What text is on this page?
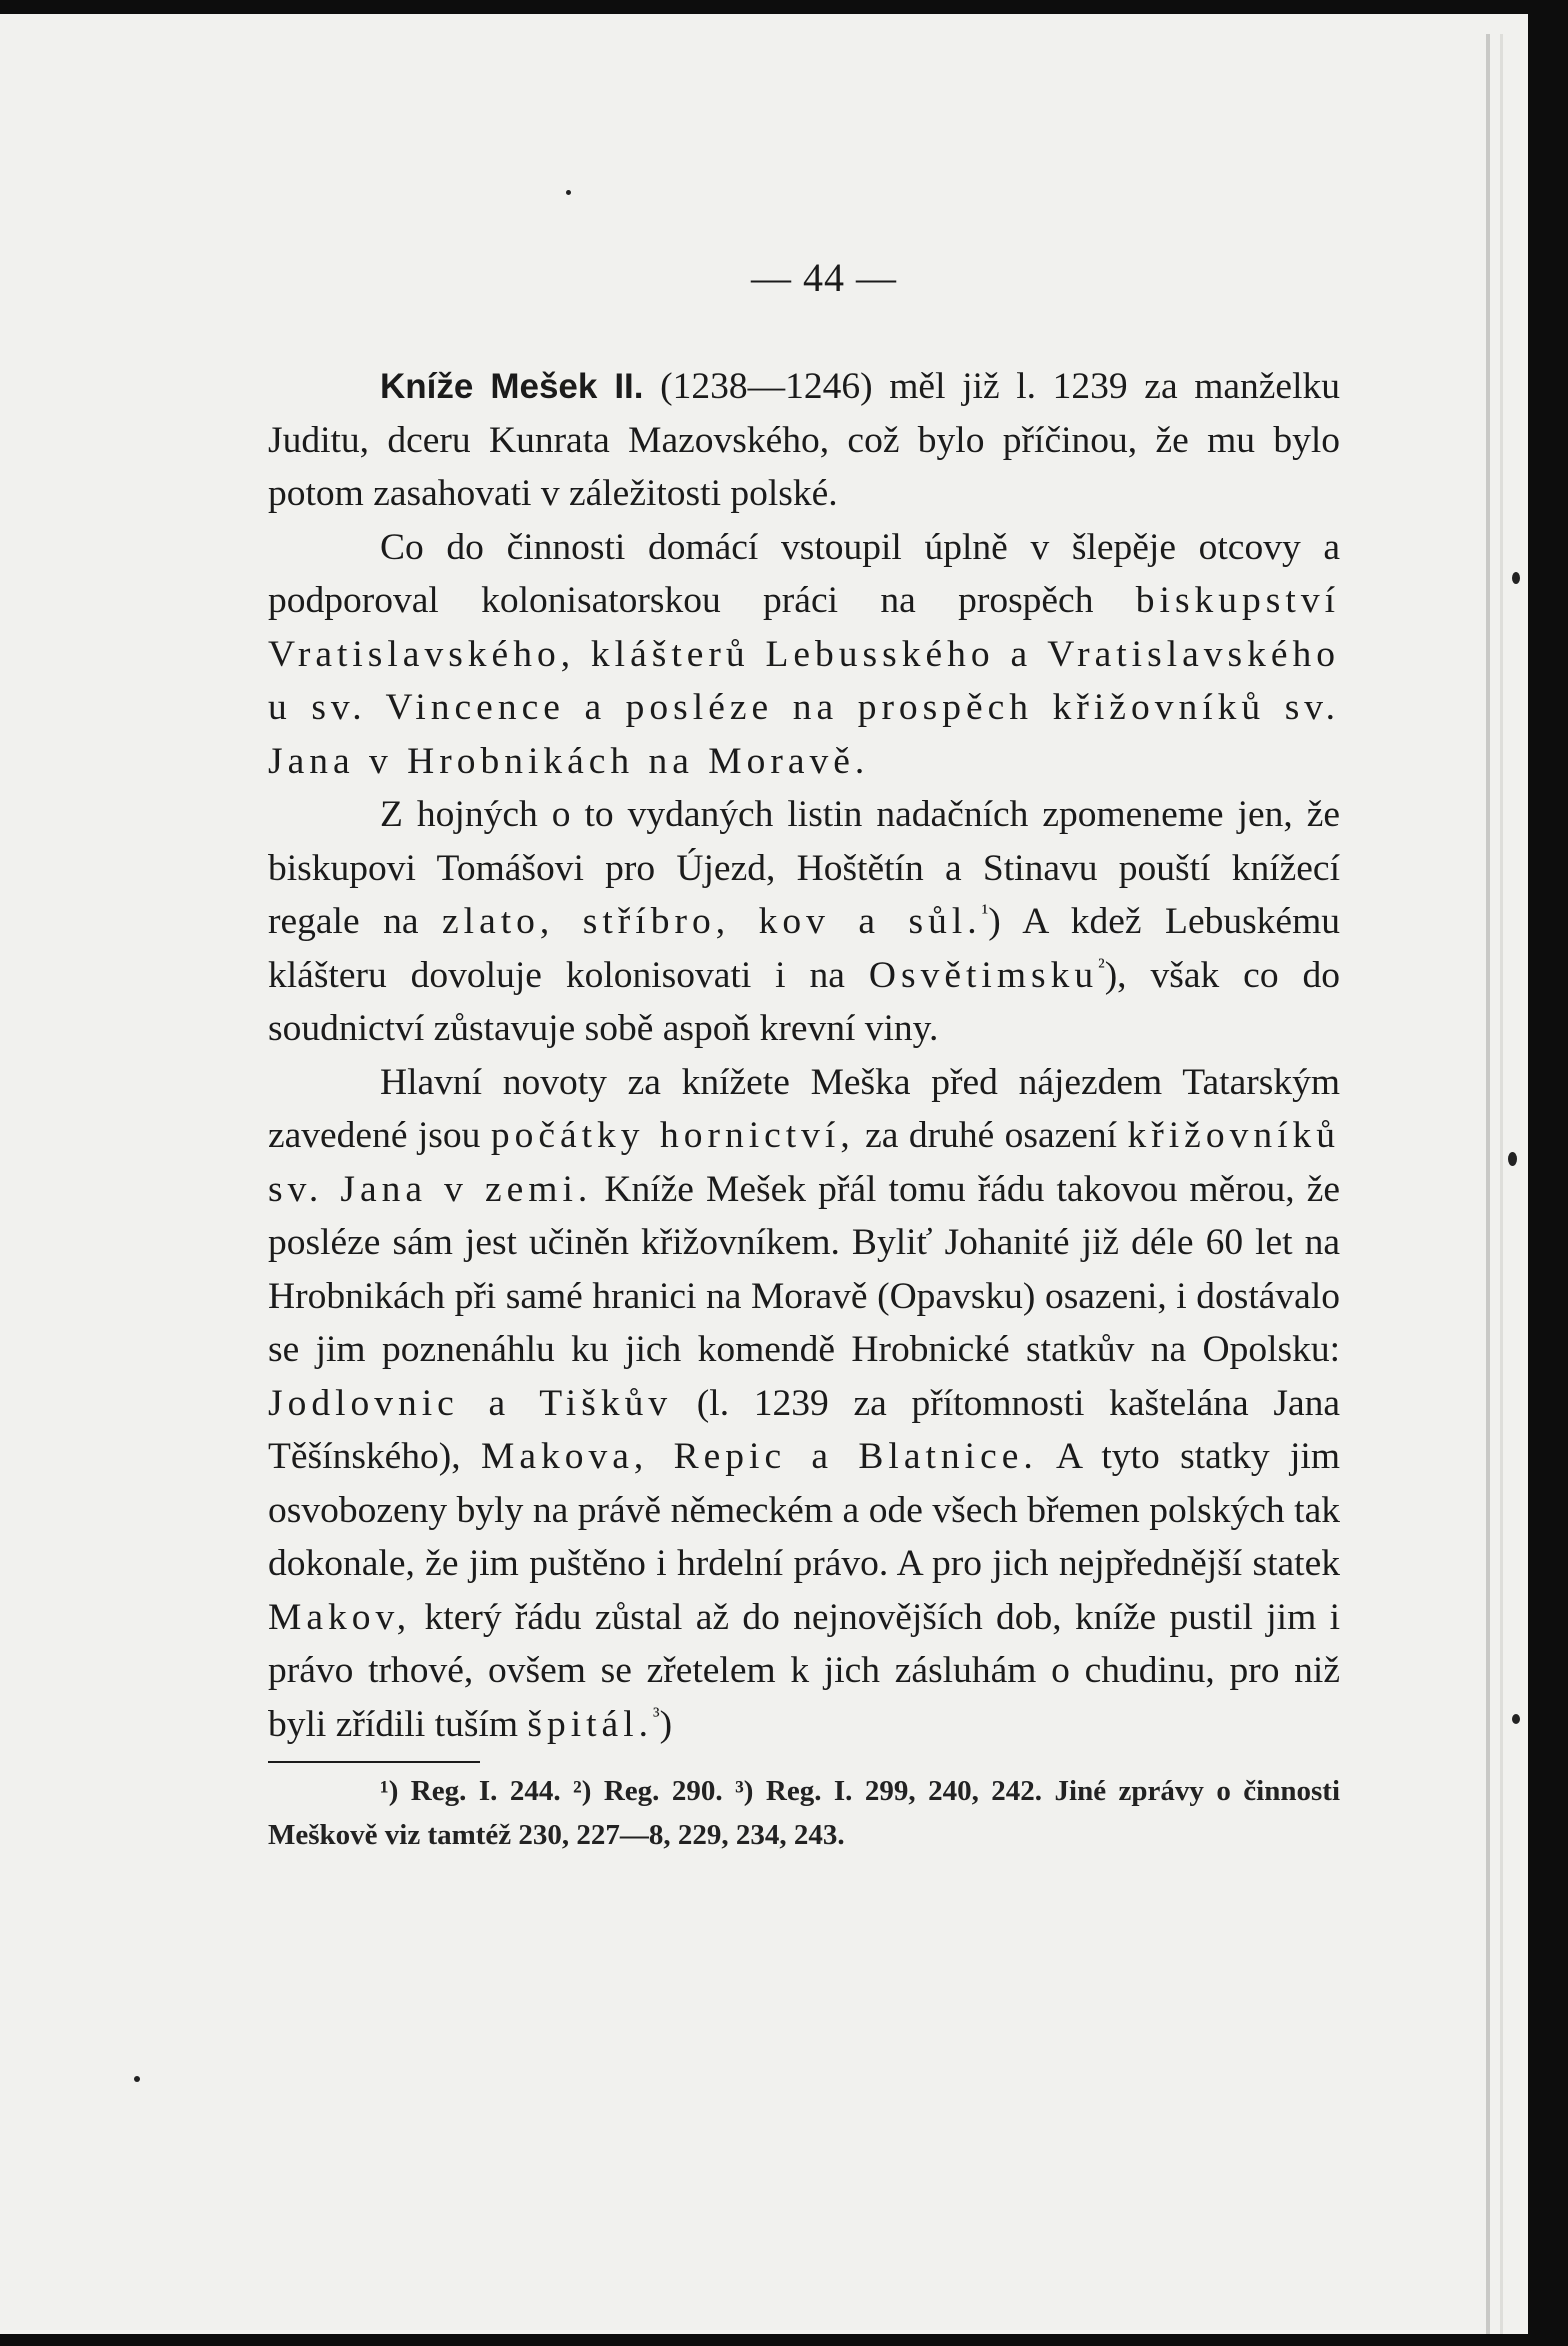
— 44 —

Kníže Mešek II. (1238—1246) měl již l. 1239 za manželku Juditu, dceru Kunrata Mazovského, což bylo příčinou, že mu bylo potom zasahovati v záležitosti polské.

Co do činnosti domácí vstoupil úplně v šlepěje otcovy a podporoval kolonisatorskou práci na prospěch biskupství Vratislavského, klášterů Lebusského a Vratislavského u sv. Vincence a posléze na prospěch křižovníků sv. Jana v Hrobnikách na Moravě.

Z hojných o to vydaných listin nadačních zpomeneme jen, že biskupovi Tomášovi pro Újezd, Hoštětín a Stinavu pouští knížecí regale na zlato, stříbro, kov a sůl.$^{^1}$) A kdež Lebuskému klášteru dovoluje kolonisovati i na Osvětimsku$^{^2}$), však co do soudnictví zůstavuje sobě aspoň krevní viny.

Hlavní novoty za knížete Meška před nájezdem Tatarským zavedené jsou počátky hornictví, za druhé osazení křižovníků sv. Jana v zemi. Kníže Mešek přál tomu řádu takovou měrou, že posléze sám jest učiněn křižovníkem. Byliť Johanité již déle 60 let na Hrobnikách při samé hranici na Moravě (Opavsku) osazeni, i dostávalo se jim poznenáhlu ku jich komendě Hrobnické statkův na Opolsku: Jodlovnic a Tiškův (l. 1239 za přítomnosti kaštelána Jana Těšínského), Makova, Repic a Blatnice. A tyto statky jim osvobozeny byly na právě německém a ode všech břemen polských tak dokonale, že jim puštěno i hrdelní právo. A pro jich nejpřednější statek Makov, který řádu zůstal až do nejnovějších dob, kníže pustil jim i právo trhové, ovšem se zřetelem k jich zásluhám o chudinu, pro niž byli zřídili tuším špitál.$^{^3}$)

¹) Reg. I. 244. ²) Reg. 290. ³) Reg. I. 299, 240, 242. Jiné zprávy o činnosti Meškově viz tamtéž 230, 227—8, 229, 234, 243.
